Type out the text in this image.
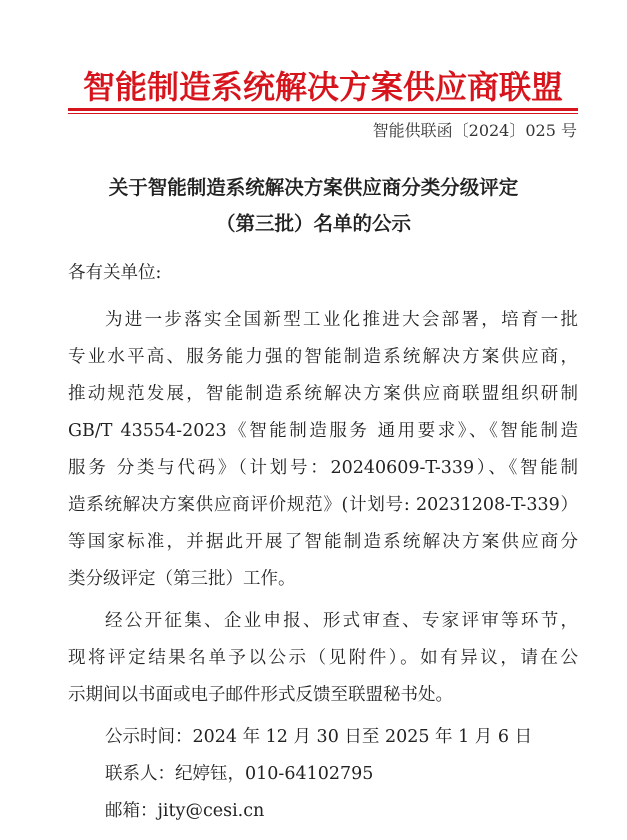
智能制造系统解决方案供应商联盟
智能供联函〔2024〕025 号
关于智能制造系统解决方案供应商分类分级评定
（第三批）名单的公示
各有关单位:
为进一步落实全国新型工业化推进大会部署，培育一批
专业水平高、服务能力强的智能制造系统解决方案供应商，
推动规范发展，智能制造系统解决方案供应商联盟组织研制
GB/T 43554-2023《智能制造服务 通用要求》、《智能制造
服务 分类与代码》（计划号：20240609-T-339）、《智能制
造系统解决方案供应商评价规范》(计划号: 20231208-T-339）
等国家标准，并据此开展了智能制造系统解决方案供应商分
类分级评定（第三批）工作。
经公开征集、企业申报、形式审查、专家评审等环节，
现将评定结果名单予以公示（见附件）。如有异议，请在公
示期间以书面或电子邮件形式反馈至联盟秘书处。
公示时间：2024 年 12 月 30 日至 2025 年 1 月 6 日
联系人：纪婷钰，010-64102795
邮箱：jity@cesi.cn
